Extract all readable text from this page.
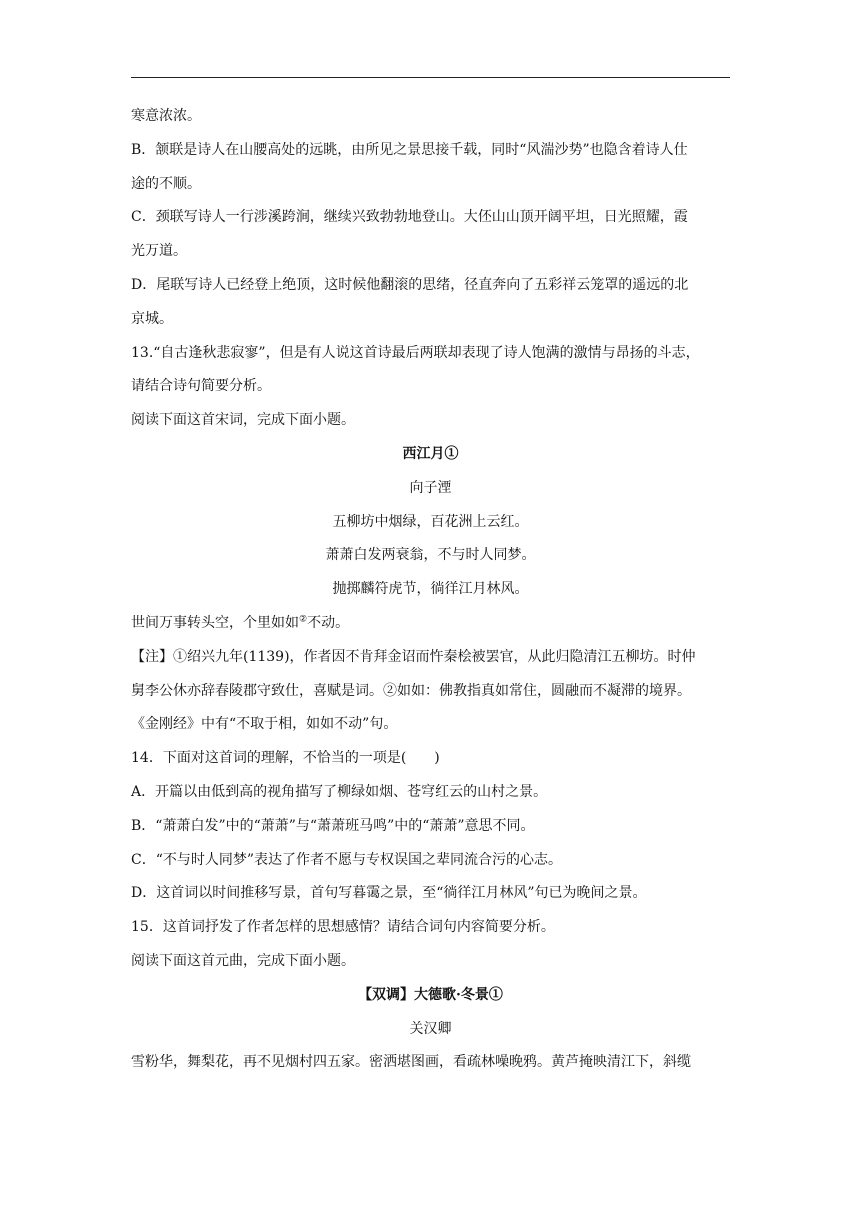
寒意浓浓。
B．颔联是诗人在山腰高处的远眺，由所见之景思接千载，同时“风湍沙势”也隐含着诗人仕
途的不顺。
C．颈联写诗人一行涉溪跨涧，继续兴致勃勃地登山。大伾山山顶开阔平坦，日光照耀，霞
光万道。
D．尾联写诗人已经登上绝顶，这时候他翻滚的思绪，径直奔向了五彩祥云笼罩的遥远的北
京城。
13.“自古逢秋悲寂寥”，但是有人说这首诗最后两联却表现了诗人饱满的激情与昂扬的斗志，
请结合诗句简要分析。
阅读下面这首宋词，完成下面小题。
西江月①
向子湮
五柳坊中烟绿，百花洲上云红。
萧萧白发两衰翁，不与时人同梦。
抛掷麟符虎节，徜徉江月林风。
世间万事转头空，个里如如②不动。
【注】①绍兴九年(1139)，作者因不肯拜金诏而忤秦桧被罢官，从此归隐清江五柳坊。时仲
舅李公休亦辞春陵郡守致仕，喜赋是词。②如如：佛教指真如常住，圆融而不凝滞的境界。
《金刚经》中有“不取于相，如如不动”句。
14．下面对这首词的理解，不恰当的一项是(　　)
A．开篇以由低到高的视角描写了柳绿如烟、苍穹红云的山村之景。
B．“萧萧白发”中的“萧萧”与“萧萧班马鸣”中的“萧萧”意思不同。
C．“不与时人同梦”表达了作者不愿与专权误国之辈同流合污的心志。
D．这首词以时间推移写景，首句写暮霭之景，至“徜徉江月林风”句已为晚间之景。
15．这首词抒发了作者怎样的思想感情？请结合词句内容简要分析。
阅读下面这首元曲，完成下面小题。
【双调】大德歌·冬景①
关汉卿
雪粉华，舞梨花，再不见烟村四五家。密洒堪图画，看疏林噪晚鸦。黄芦掩映清江下，斜缆
